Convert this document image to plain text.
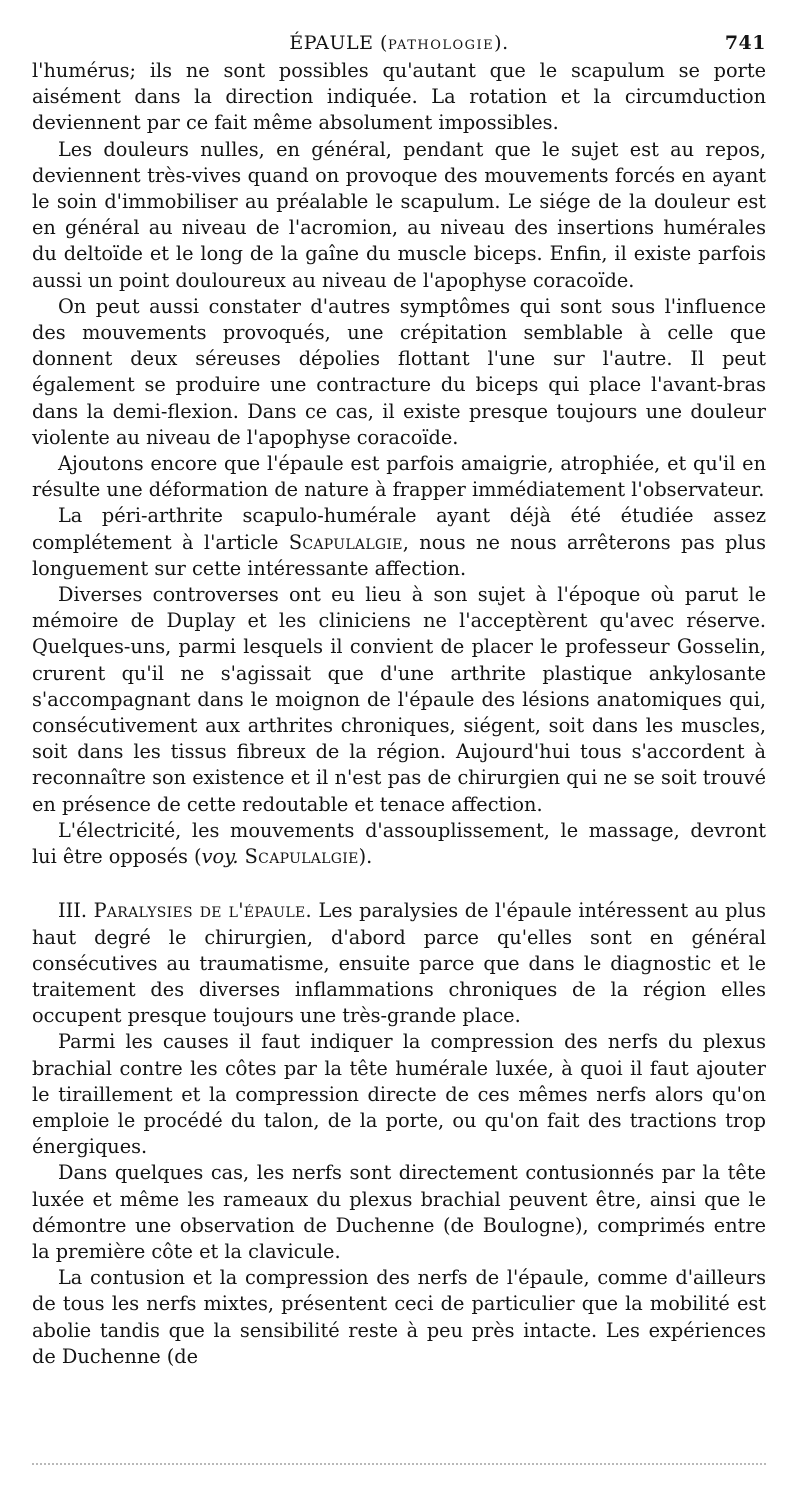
ÉPAULE (PATHOLOGIE).	741

l'humérus; ils ne sont possibles qu'autant que le scapulum se porte aisément dans la direction indiquée. La rotation et la circumduction deviennent par ce fait même absolument impossibles.

Les douleurs nulles, en général, pendant que le sujet est au repos, deviennent très-vives quand on provoque des mouvements forcés en ayant le soin d'immobiliser au préalable le scapulum. Le siége de la douleur est en général au niveau de l'acromion, au niveau des insertions humérales du deltoïde et le long de la gaîne du muscle biceps. Enfin, il existe parfois aussi un point douloureux au niveau de l'apophyse coracoïde.

On peut aussi constater d'autres symptômes qui sont sous l'influence des mouvements provoqués, une crépitation semblable à celle que donnent deux séreuses dépolies flottant l'une sur l'autre. Il peut également se produire une contracture du biceps qui place l'avant-bras dans la demi-flexion. Dans ce cas, il existe presque toujours une douleur violente au niveau de l'apophyse coracoïde.

Ajoutons encore que l'épaule est parfois amaigrie, atrophiée, et qu'il en résulte une déformation de nature à frapper immédiatement l'observateur.

La péri-arthrite scapulo-humérale ayant déjà été étudiée assez complétement à l'article Scapulalgie, nous ne nous arrêterons pas plus longuement sur cette intéressante affection.

Diverses controverses ont eu lieu à son sujet à l'époque où parut le mémoire de Duplay et les cliniciens ne l'acceptèrent qu'avec réserve. Quelques-uns, parmi lesquels il convient de placer le professeur Gosselin, crurent qu'il ne s'agissait que d'une arthrite plastique ankylosante s'accompagnant dans le moignon de l'épaule des lésions anatomiques qui, consécutivement aux arthrites chroniques, siégent, soit dans les muscles, soit dans les tissus fibreux de la région. Aujourd'hui tous s'accordent à reconnaître son existence et il n'est pas de chirurgien qui ne se soit trouvé en présence de cette redoutable et tenace affection.

L'électricité, les mouvements d'assouplissement, le massage, devront lui être opposés (voy. Scapulalgie).

III. Paralysies de l'épaule. Les paralysies de l'épaule intéressent au plus haut degré le chirurgien, d'abord parce qu'elles sont en général consécutives au traumatisme, ensuite parce que dans le diagnostic et le traitement des diverses inflammations chroniques de la région elles occupent presque toujours une très-grande place.

Parmi les causes il faut indiquer la compression des nerfs du plexus brachial contre les côtes par la tête humérale luxée, à quoi il faut ajouter le tiraillement et la compression directe de ces mêmes nerfs alors qu'on emploie le procédé du talon, de la porte, ou qu'on fait des tractions trop énergiques.

Dans quelques cas, les nerfs sont directement contusionnés par la tête luxée et même les rameaux du plexus brachial peuvent être, ainsi que le démontre une observation de Duchenne (de Boulogne), comprimés entre la première côte et la clavicule.

La contusion et la compression des nerfs de l'épaule, comme d'ailleurs de tous les nerfs mixtes, présentent ceci de particulier que la mobilité est abolie tandis que la sensibilité reste à peu près intacte. Les expériences de Duchenne (de
